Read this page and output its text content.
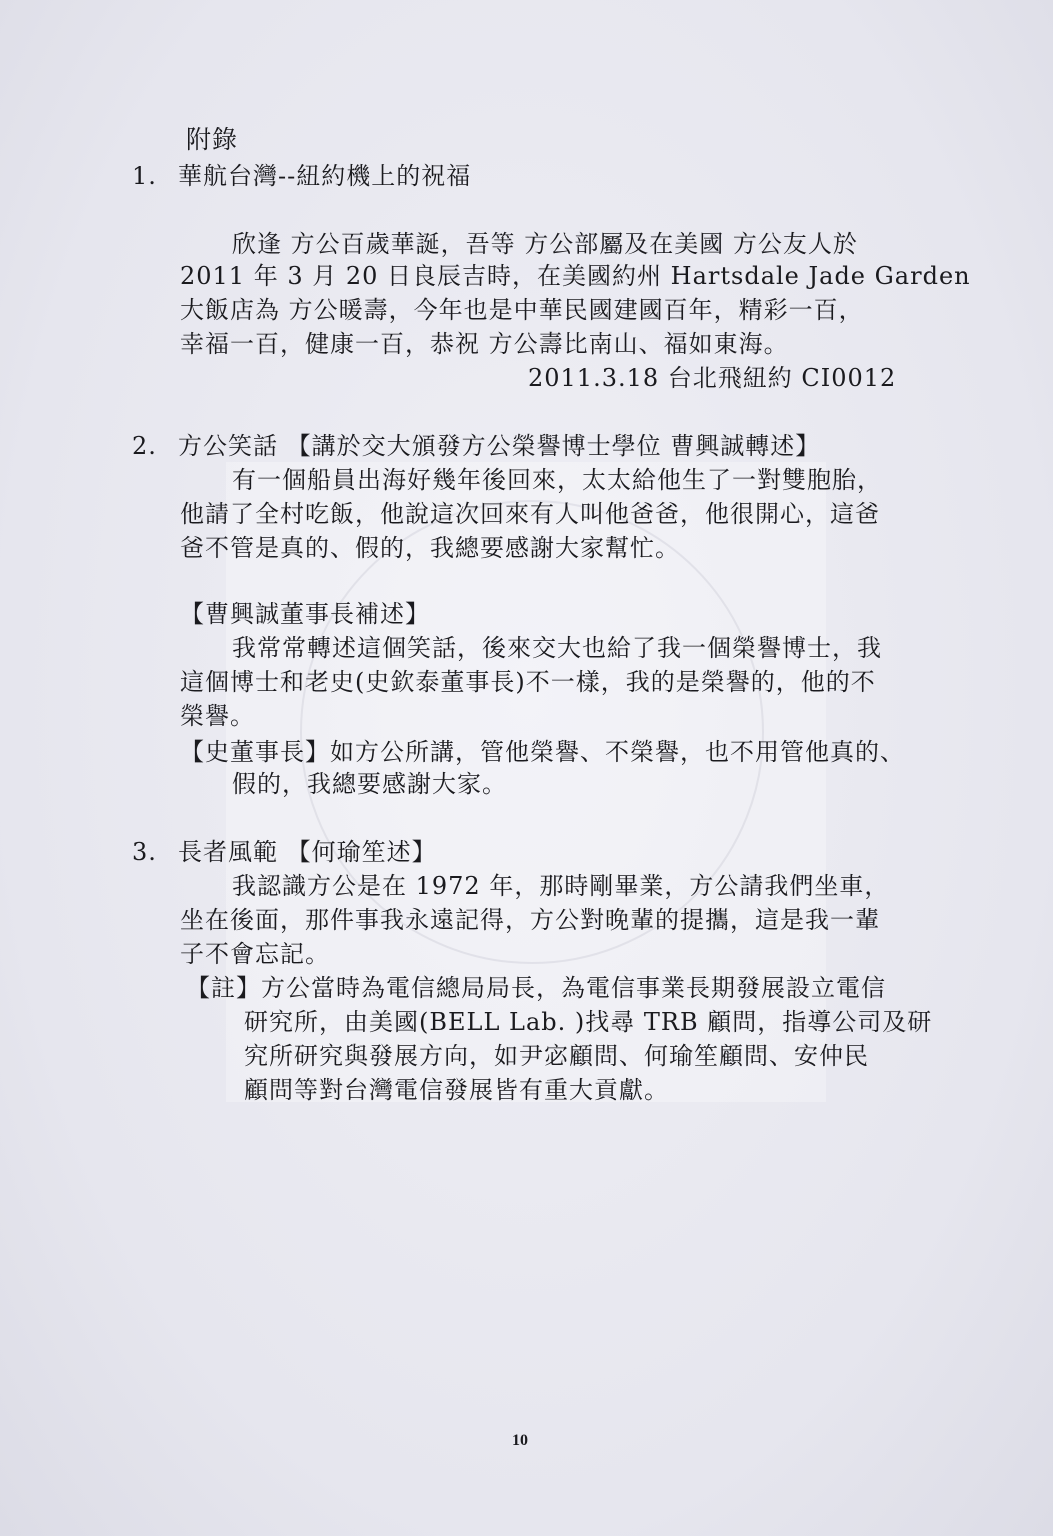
附錄
1. 華航台灣--紐約機上的祝福
欣逢 方公百歲華誕，吾等 方公部屬及在美國 方公友人於
2011 年 3 月 20 日良辰吉時，在美國約州 Hartsdale Jade Garden
大飯店為 方公暖壽，今年也是中華民國建國百年，精彩一百，
幸福一百，健康一百，恭祝 方公壽比南山、福如東海。
2011.3.18 台北飛紐約 CI0012
2. 方公笑話 【講於交大頒發方公榮譽博士學位 曹興誠轉述】
有一個船員出海好幾年後回來，太太給他生了一對雙胞胎，
他請了全村吃飯，他說這次回來有人叫他爸爸，他很開心，這爸
爸不管是真的、假的，我總要感謝大家幫忙。
【曹興誠董事長補述】
我常常轉述這個笑話，後來交大也給了我一個榮譽博士，我
這個博士和老史(史欽泰董事長)不一樣，我的是榮譽的，他的不
榮譽。
【史董事長】如方公所講，管他榮譽、不榮譽，也不用管他真的、
假的，我總要感謝大家。
3. 長者風範 【何瑜笙述】
我認識方公是在 1972 年，那時剛畢業，方公請我們坐車，
坐在後面，那件事我永遠記得，方公對晚輩的提攜，這是我一輩
子不會忘記。
【註】方公當時為電信總局局長，為電信事業長期發展設立電信
研究所，由美國(BELL Lab. )找尋 TRB 顧問，指導公司及研
究所研究與發展方向，如尹宓顧問、何瑜笙顧問、安仲民
顧問等對台灣電信發展皆有重大貢獻。
10
